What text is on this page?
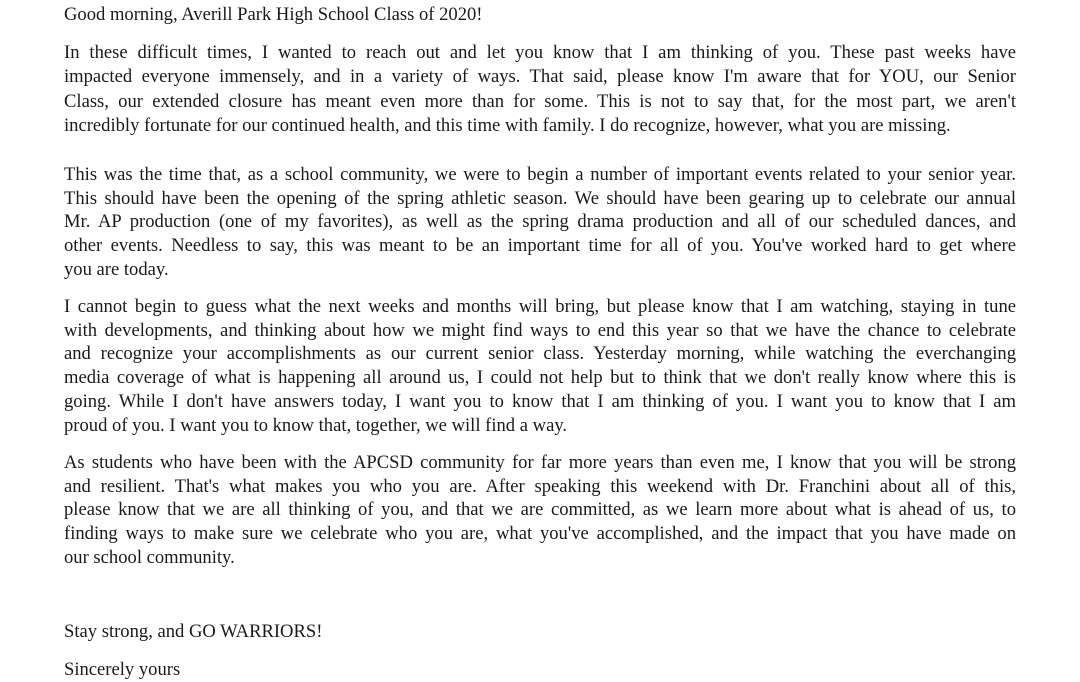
Good morning, Averill Park High School Class of 2020!
In these difficult times, I wanted to reach out and let you know that I am thinking of you. These past weeks have
impacted everyone immensely, and in a variety of ways. That said, please know I'm aware that for YOU, our Senior
Class, our extended closure has meant even more than for some. This is not to say that, for the most part, we aren't
incredibly fortunate for our continued health, and this time with family. I do recognize, however, what you are missing.
This was the time that, as a school community, we were to begin a number of important events related to your senior year.
This should have been the opening of the spring athletic season. We should have been gearing up to celebrate our annual
Mr. AP production (one of my favorites), as well as the spring drama production and all of our scheduled dances, and
other events. Needless to say, this was meant to be an important time for all of you. You've worked hard to get where
you are today.
I cannot begin to guess what the next weeks and months will bring, but please know that I am watching, staying in tune
with developments, and thinking about how we might find ways to end this year so that we have the chance to celebrate
and recognize your accomplishments as our current senior class. Yesterday morning, while watching the everchanging
media coverage of what is happening all around us, I could not help but to think that we don't really know where this is
going. While I don't have answers today, I want you to know that I am thinking of you. I want you to know that I am
proud of you. I want you to know that, together, we will find a way.
As students who have been with the APCSD community for far more years than even me, I know that you will be strong
and resilient. That's what makes you who you are. After speaking this weekend with Dr. Franchini about all of this,
please know that we are all thinking of you, and that we are committed, as we learn more about what is ahead of us, to
finding ways to make sure we celebrate who you are, what you've accomplished, and the impact that you have made on
our school community.
Stay strong, and GO WARRIORS!
Sincerely yours
